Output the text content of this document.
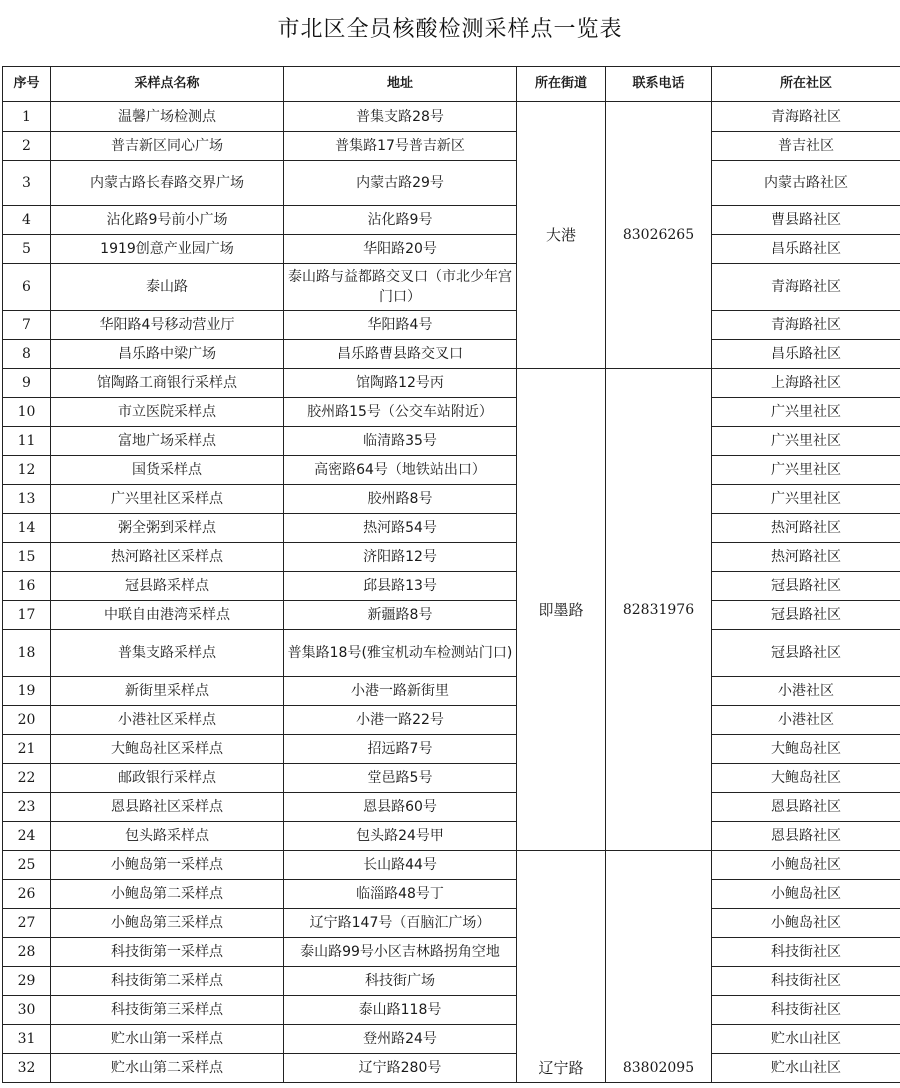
市北区全员核酸检测采样点一览表
序号	采样点名称	地址	所在街道	联系电话	所在社区
1	温馨广场检测点	普集支路28号	大港	83026265	青海路社区
2	普吉新区同心广场	普集路17号普吉新区			普吉社区
3	内蒙古路长春路交界广场	内蒙古路29号			内蒙古路社区
4	沾化路9号前小广场	沾化路9号			曹县路社区
5	1919创意产业园广场	华阳路20号			昌乐路社区
6	泰山路	泰山路与益都路交叉口（市北少年宫门口）			青海路社区
7	华阳路4号移动营业厅	华阳路4号			青海路社区
8	昌乐路中梁广场	昌乐路曹县路交叉口			昌乐路社区
9	馆陶路工商银行采样点	馆陶路12号丙	即墨路	82831976	上海路社区
10	市立医院采样点	胶州路15号（公交车站附近）			广兴里社区
11	富地广场采样点	临清路35号			广兴里社区
12	国货采样点	高密路64号（地铁站出口）			广兴里社区
13	广兴里社区采样点	胶州路8号			广兴里社区
14	粥全粥到采样点	热河路54号			热河路社区
15	热河路社区采样点	济阳路12号			热河路社区
16	冠县路采样点	邱县路13号			冠县路社区
17	中联自由港湾采样点	新疆路8号			冠县路社区
18	普集支路采样点	普集路18号(雅宝机动车检测站门口)			冠县路社区
19	新街里采样点	小港一路新街里			小港社区
20	小港社区采样点	小港一路22号			小港社区
21	大鲍岛社区采样点	招远路7号			大鲍岛社区
22	邮政银行采样点	堂邑路5号			大鲍岛社区
23	恩县路社区采样点	恩县路60号			恩县路社区
24	包头路采样点	包头路24号甲			恩县路社区
25	小鲍岛第一采样点	长山路44号	辽宁路	83802095	小鲍岛社区
26	小鲍岛第二采样点	临淄路48号丁			小鲍岛社区
27	小鲍岛第三采样点	辽宁路147号（百脑汇广场）			小鲍岛社区
28	科技街第一采样点	泰山路99号小区吉林路拐角空地			科技街社区
29	科技街第二采样点	科技街广场			科技街社区
30	科技街第三采样点	泰山路118号			科技街社区
31	贮水山第一采样点	登州路24号			贮水山社区
32	贮水山第二采样点	辽宁路280号			贮水山社区
